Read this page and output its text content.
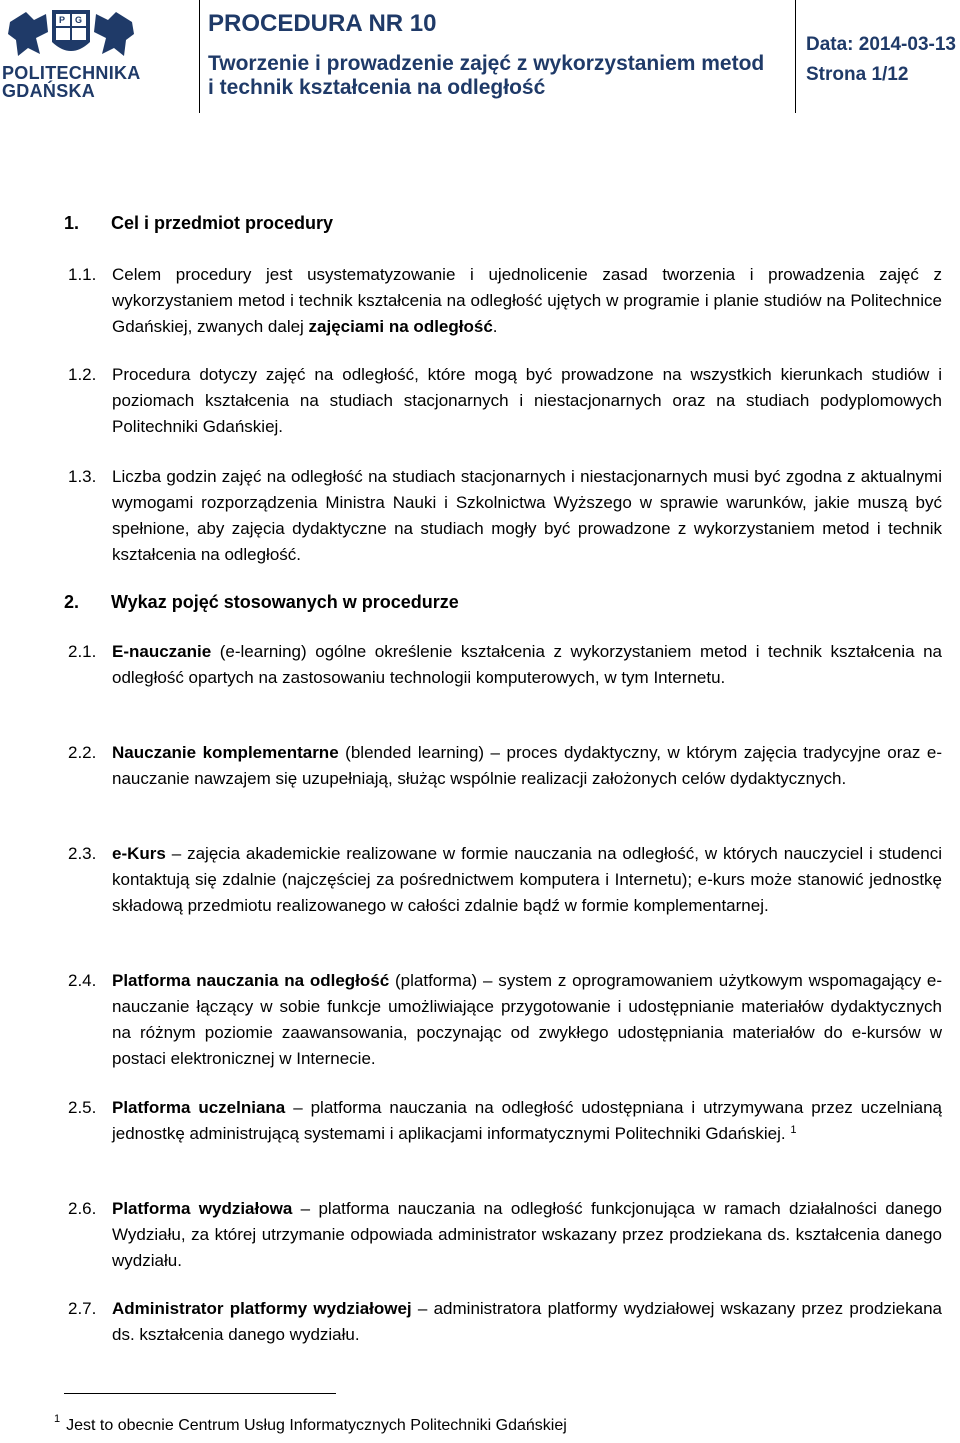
P G
POLITECHNIKA
GDAŃSKA
PROCEDURA NR 10
Tworzenie i prowadzenie zajęć z wykorzystaniem metod
i technik kształcenia na odległość
Data: 2014-03-13
Strona 1/12
1. Cel i przedmiot procedury
1.1. Celem procedury jest usystematyzowanie i ujednolicenie zasad tworzenia i prowadzenia zajęć z wykorzystaniem metod i technik kształcenia na odległość ujętych w programie i planie studiów na Politechnice Gdańskiej, zwanych dalej zajęciami na odległość.
1.2. Procedura dotyczy zajęć na odległość, które mogą być prowadzone na wszystkich kierunkach studiów i poziomach kształcenia na studiach stacjonarnych i niestacjonarnych oraz na studiach podyplomowych Politechniki Gdańskiej.
1.3. Liczba godzin zajęć na odległość na studiach stacjonarnych i niestacjonarnych musi być zgodna z aktualnymi wymogami rozporządzenia Ministra Nauki i Szkolnictwa Wyższego w sprawie warunków, jakie muszą być spełnione, aby zajęcia dydaktyczne na studiach mogły być prowadzone z wykorzystaniem metod i technik kształcenia na odległość.
2. Wykaz pojęć stosowanych w procedurze
2.1. E-nauczanie (e-learning) ogólne określenie kształcenia z wykorzystaniem metod i technik kształcenia na odległość opartych na zastosowaniu technologii komputerowych, w tym Internetu.
2.2. Nauczanie komplementarne (blended learning) – proces dydaktyczny, w którym zajęcia tradycyjne oraz e-nauczanie nawzajem się uzupełniają, służąc wspólnie realizacji założonych celów dydaktycznych.
2.3. e-Kurs – zajęcia akademickie realizowane w formie nauczania na odległość, w których nauczyciel i studenci kontaktują się zdalnie (najczęściej za pośrednictwem komputera i Internetu); e-kurs może stanowić jednostkę składową przedmiotu realizowanego w całości zdalnie bądź w formie komplementarnej.
2.4. Platforma nauczania na odległość (platforma) – system z oprogramowaniem użytkowym wspomagający e-nauczanie łączący w sobie funkcje umożliwiające przygotowanie i udostępnianie materiałów dydaktycznych na różnym poziomie zaawansowania, poczynając od zwykłego udostępniania materiałów do e-kursów w postaci elektronicznej w Internecie.
2.5. Platforma uczelniana – platforma nauczania na odległość udostępniana i utrzymywana przez uczelnianą jednostkę administrującą systemami i aplikacjami informatycznymi Politechniki Gdańskiej. $^1$
2.6. Platforma wydziałowa – platforma nauczania na odległość funkcjonująca w ramach działalności danego Wydziału, za której utrzymanie odpowiada administrator wskazany przez prodziekana ds. kształcenia danego wydziału.
2.7. Administrator platformy wydziałowej – administratora platformy wydziałowej wskazany przez prodziekana ds. kształcenia danego wydziału.
$^1$ Jest to obecnie Centrum Usług Informatycznych Politechniki Gdańskiej
